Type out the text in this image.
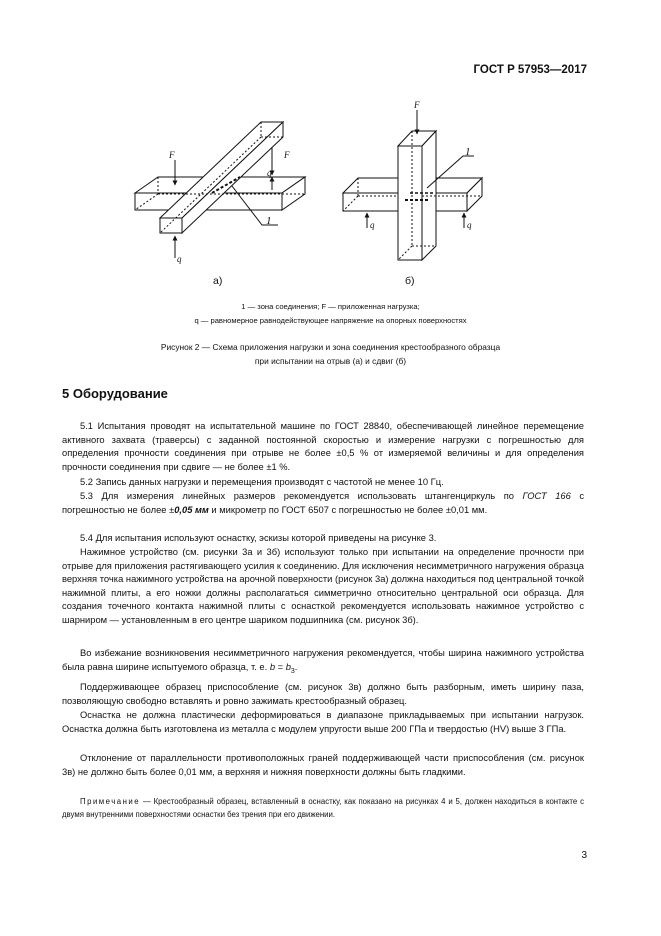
ГОСТ Р 57953—2017
F	F
q
q
1
F
q	q
1
а)	б)
1 — зона соединения; F — приложенная нагрузка;
q — равномерное равнодействующее напряжение на опорных поверхностях
Рисунок 2 — Схема приложения нагрузки и зона соединения крестообразного образца
при испытании на отрыв (а) и сдвиг (б)
5 Оборудование
5.1 Испытания проводят на испытательной машине по ГОСТ 28840, обеспечивающей линейное перемещение активного захвата (траверсы) с заданной постоянной скоростью и измерение нагрузки с погрешностью для определения прочности соединения при отрыве не более ±0,5 % от измеряемой величины и для определения прочности соединения при сдвиге — не более ±1 %.
5.2 Запись данных нагрузки и перемещения производят с частотой не менее 10 Гц.
5.3 Для измерения линейных размеров рекомендуется использовать штангенциркуль по ГОСТ 166 с погрешностью не более ±0,05 мм и микрометр по ГОСТ 6507 с погрешностью не более ±0,01 мм.
5.4 Для испытания используют оснастку, эскизы которой приведены на рисунке 3.
Нажимное устройство (см. рисунки 3а и 3б) используют только при испытании на определение прочности при отрыве для приложения растягивающего усилия к соединению. Для исключения несимметричного нагружения образца верхняя точка нажимного устройства на арочной поверхности (рисунок 3а) должна находиться под центральной точкой нажимной плиты, а его ножки должны располагаться симметрично относительно центральной оси образца. Для создания точечного контакта нажимной плиты с оснасткой рекомендуется использовать нажимное устройство с шарниром — установленным в его центре шариком подшипника (см. рисунок 3б).
Во избежание возникновения несимметричного нагружения рекомендуется, чтобы ширина нажимного устройства была равна ширине испытуемого образца, т. е. $b = b_3$.
Поддерживающее образец приспособление (см. рисунок 3в) должно быть разборным, иметь ширину паза, позволяющую свободно вставлять и ровно зажимать крестообразный образец.
Оснастка не должна пластически деформироваться в диапазоне прикладываемых при испытании нагрузок. Оснастка должна быть изготовлена из металла с модулем упругости выше 200 ГПа и твердостью (HV) выше 3 ГПа.
Отклонение от параллельности противоположных граней поддерживающей части приспособления (см. рисунок 3в) не должно быть более 0,01 мм, а верхняя и нижняя поверхности должны быть гладкими.
Примечание — Крестообразный образец, вставленный в оснастку, как показано на рисунках 4 и 5, должен находиться в контакте с двумя внутренними поверхностями оснастки без трения при его движении.
3
